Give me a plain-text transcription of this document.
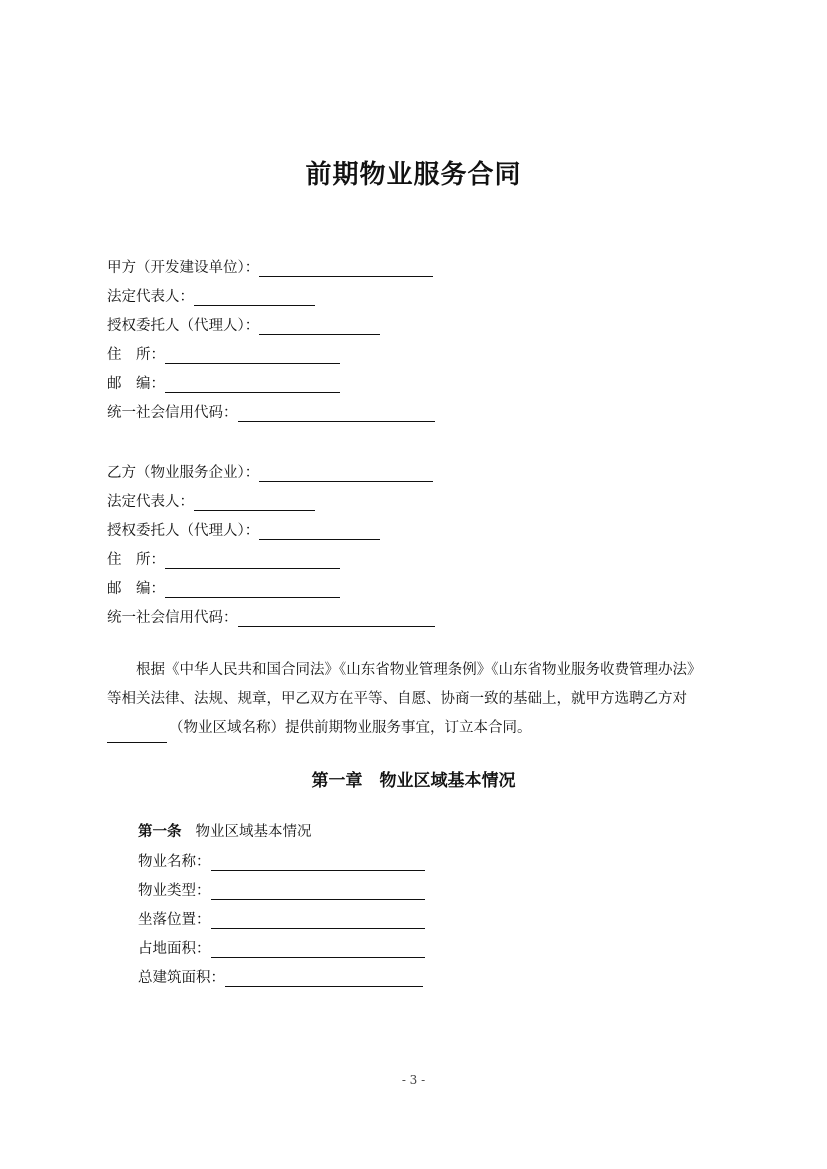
前期物业服务合同
甲方（开发建设单位）：
法定代表人：
授权委托人（代理人）：
住　所：
邮　编：
统一社会信用代码：
乙方（物业服务企业）：
法定代表人：
授权委托人（代理人）：
住　所：
邮　编：
统一社会信用代码：
根据《中华人民共和国合同法》《山东省物业管理条例》《山东省物业服务收费管理办法》
等相关法律、法规、规章，甲乙双方在平等、自愿、协商一致的基础上，就甲方选聘乙方对
（物业区域名称）提供前期物业服务事宜，订立本合同。
第一章　物业区域基本情况
第一条 物业区域基本情况
物业名称：
物业类型：
坐落位置：
占地面积：
总建筑面积：
- 3 -
